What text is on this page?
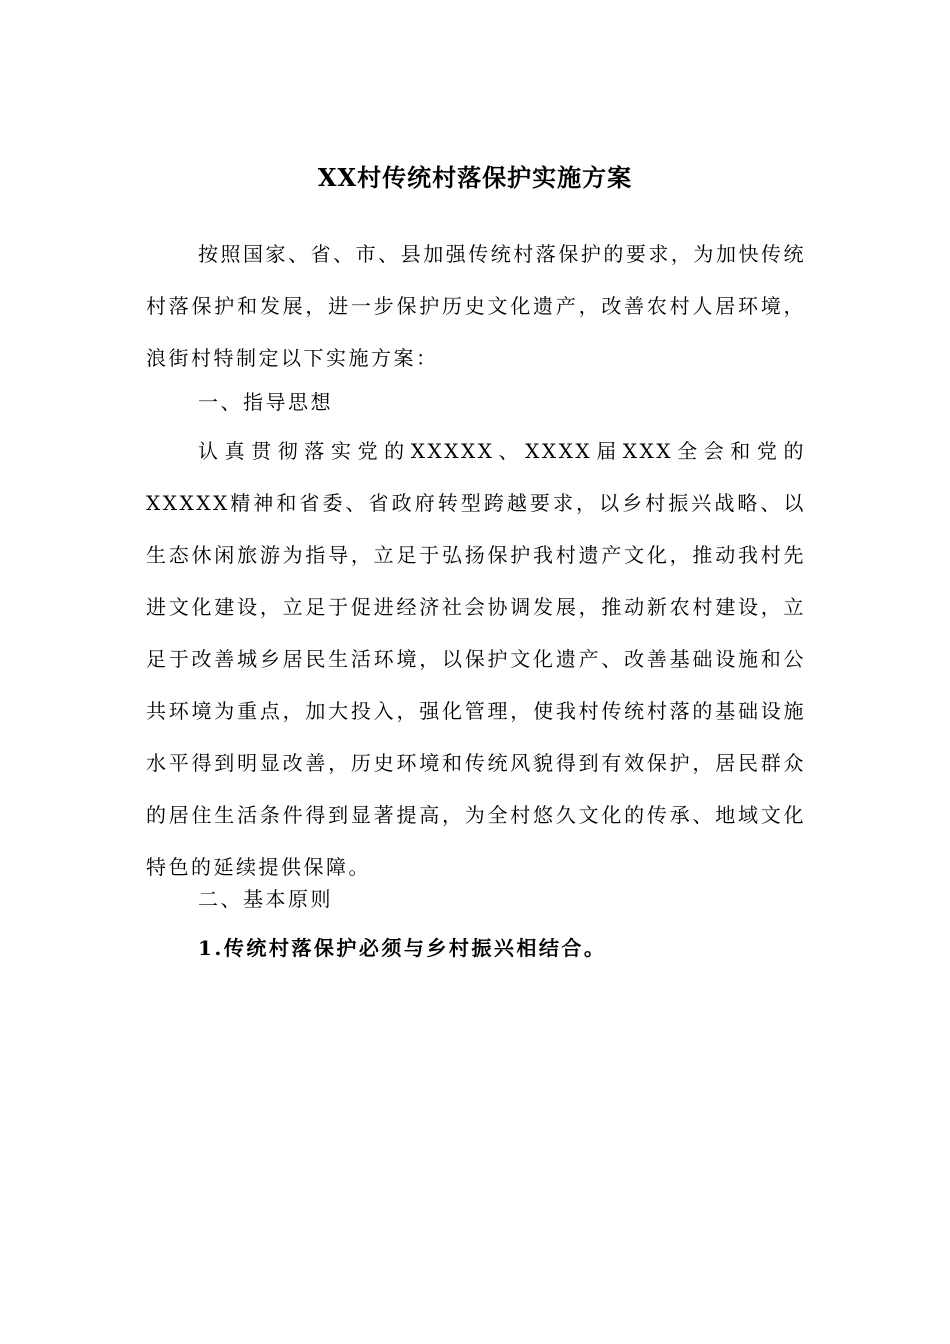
XX村传统村落保护实施方案

按照国家、省、市、县加强传统村落保护的要求，为加快传统村落保护和发展，进一步保护历史文化遗产，改善农村人居环境，浪街村特制定以下实施方案：

一、指导思想

认真贯彻落实党的XXXXX、XXXX届XXX全会和党的XXXXX精神和省委、省政府转型跨越要求，以乡村振兴战略、以生态休闲旅游为指导，立足于弘扬保护我村遗产文化，推动我村先进文化建设，立足于促进经济社会协调发展，推动新农村建设，立足于改善城乡居民生活环境，以保护文化遗产、改善基础设施和公共环境为重点，加大投入，强化管理，使我村传统村落的基础设施水平得到明显改善，历史环境和传统风貌得到有效保护，居民群众的居住生活条件得到显著提高，为全村悠久文化的传承、地域文化特色的延续提供保障。

二、基本原则

1.传统村落保护必须与乡村振兴相结合。
